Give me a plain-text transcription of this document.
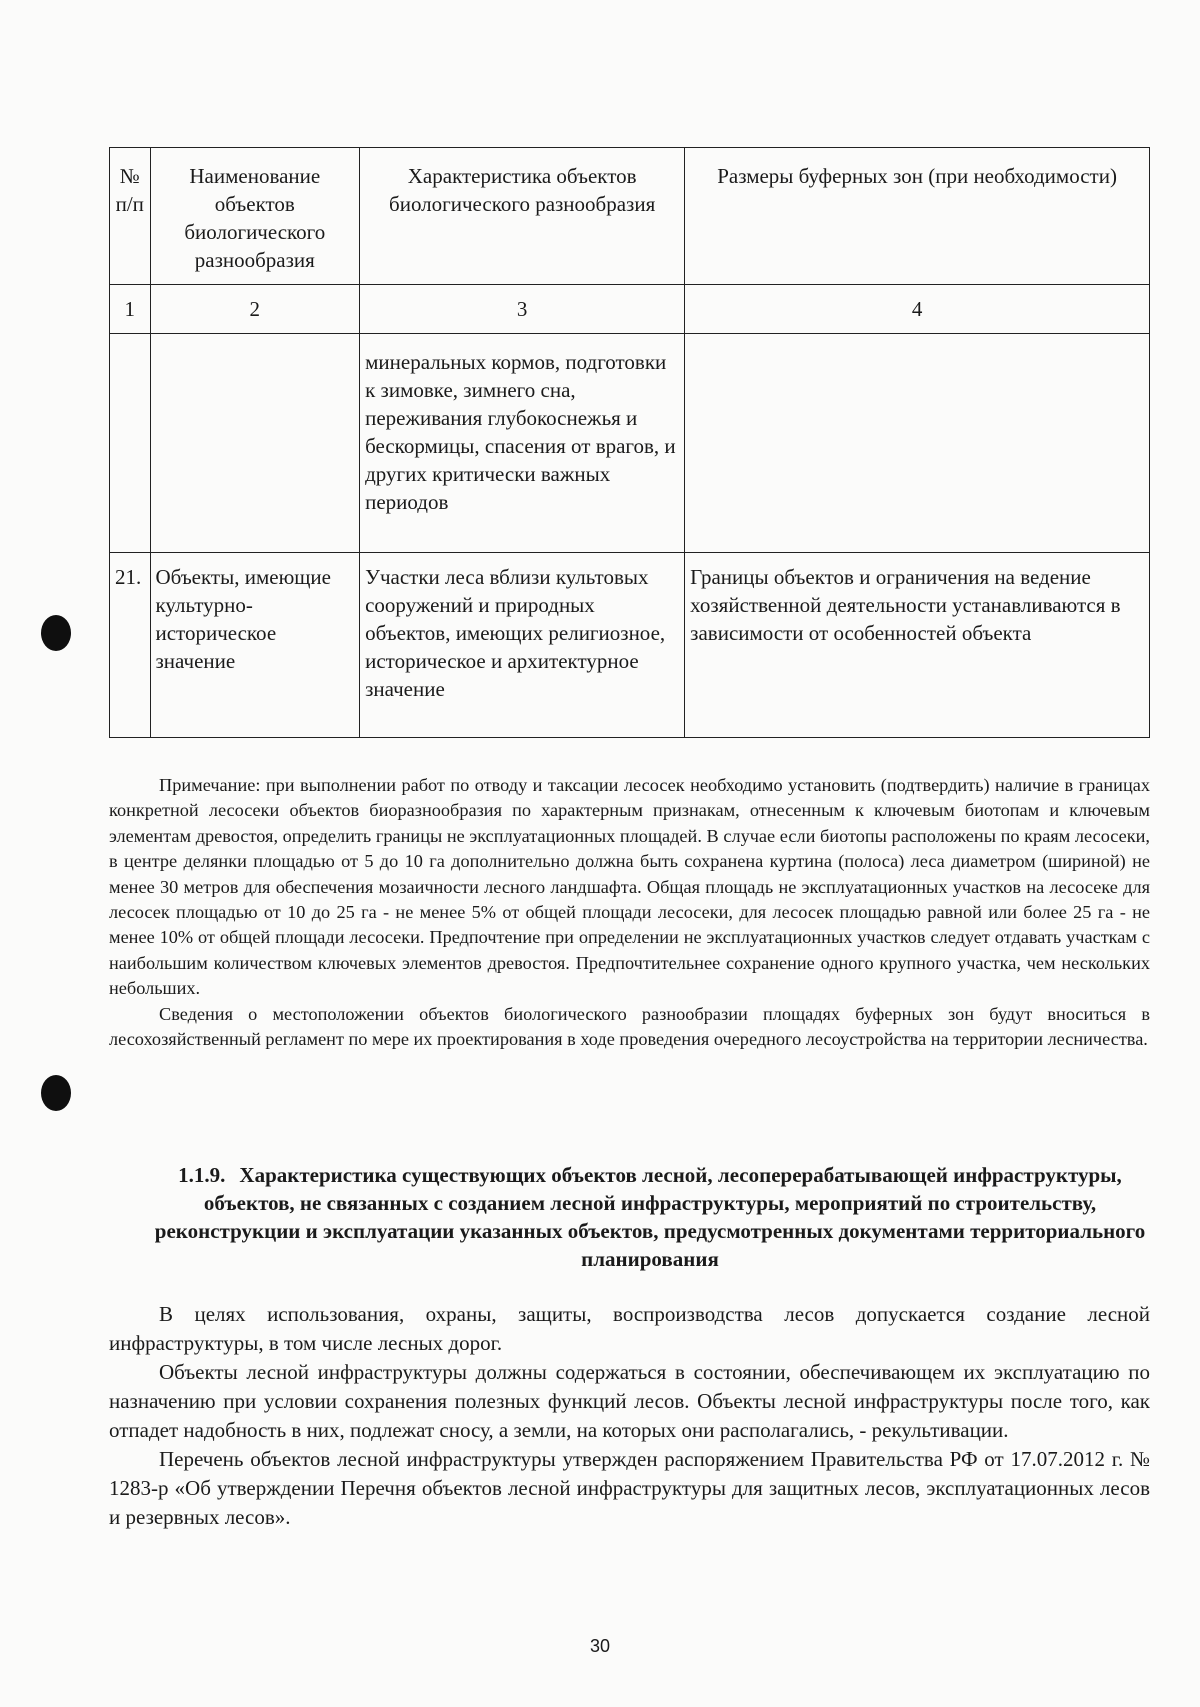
№ п/п	Наименование объектов биологического разнообразия	Характеристика объектов биологического разнообразия	Размеры буферных зон (при необходимости)
1	2	3	4
		минеральных кормов, подготовки к зимовке, зимнего сна, переживания глубокоснежья и бескормицы, спасения от врагов, и других критически важных периодов	
21.	Объекты, имеющие культурно-историческое значение	Участки леса вблизи культовых сооружений и природных объектов, имеющих религиозное, историческое и архитектурное значение	Границы объектов и ограничения на ведение хозяйственной деятельности устанавливаются в зависимости от особенностей объекта

Примечание: при выполнении работ по отводу и таксации лесосек необходимо установить (подтвердить) наличие в границах конкретной лесосеки объектов биоразнообразия по характерным признакам, отнесенным к ключевым биотопам и ключевым элементам древостоя, определить границы не эксплуатационных площадей. В случае если биотопы расположены по краям лесосеки, в центре делянки площадью от 5 до 10 га дополнительно должна быть сохранена куртина (полоса) леса диаметром (шириной) не менее 30 метров для обеспечения мозаичности лесного ландшафта. Общая площадь не эксплуатационных участков на лесосеке для лесосек площадью от 10 до 25 га - не менее 5% от общей площади лесосеки, для лесосек площадью равной или более 25 га - не менее 10% от общей площади лесосеки. Предпочтение при определении не эксплуатационных участков следует отдавать участкам с наибольшим количеством ключевых элементов древостоя. Предпочтительнее сохранение одного крупного участка, чем нескольких небольших.

Сведения о местоположении объектов биологического разнообразии площадях буферных зон будут вноситься в лесохозяйственный регламент по мере их проектирования в ходе проведения очередного лесоустройства на территории лесничества.

1.1.9. Характеристика существующих объектов лесной, лесоперерабатывающей инфраструктуры, объектов, не связанных с созданием лесной инфраструктуры, мероприятий по строительству, реконструкции и эксплуатации указанных объектов, предусмотренных документами территориального планирования

В целях использования, охраны, защиты, воспроизводства лесов допускается создание лесной инфраструктуры, в том числе лесных дорог.

Объекты лесной инфраструктуры должны содержаться в состоянии, обеспечивающем их эксплуатацию по назначению при условии сохранения полезных функций лесов. Объекты лесной инфраструктуры после того, как отпадет надобность в них, подлежат сносу, а земли, на которых они располагались, - рекультивации.

Перечень объектов лесной инфраструктуры утвержден распоряжением Правительства РФ от 17.07.2012 г. № 1283-р «Об утверждении Перечня объектов лесной инфраструктуры для защитных лесов, эксплуатационных лесов и резервных лесов».

30
